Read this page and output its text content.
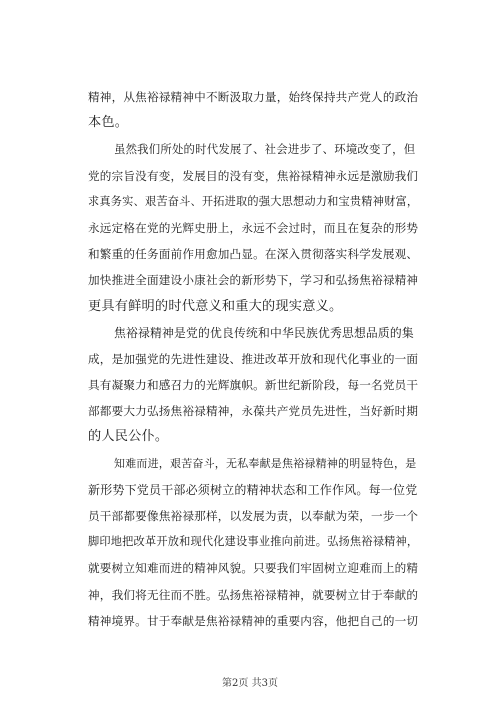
精神，从焦裕禄精神中不断汲取力量，始终保持共产党人的政治
本色。
虽然我们所处的时代发展了、社会进步了、环境改变了，但
党的宗旨没有变，发展目的没有变，焦裕禄精神永远是激励我们
求真务实、艰苦奋斗、开拓进取的强大思想动力和宝贵精神财富，
永远定格在党的光辉史册上，永远不会过时，而且在复杂的形势
和繁重的任务面前作用愈加凸显。在深入贯彻落实科学发展观、
加快推进全面建设小康社会的新形势下，学习和弘扬焦裕禄精神
更具有鲜明的时代意义和重大的现实意义。
焦裕禄精神是党的优良传统和中华民族优秀思想品质的集
成，是加强党的先进性建设、推进改革开放和现代化事业的一面
具有凝聚力和感召力的光辉旗帜。新世纪新阶段，每一名党员干
部都要大力弘扬焦裕禄精神，永葆共产党员先进性，当好新时期
的人民公仆。
知难而进，艰苦奋斗，无私奉献是焦裕禄精神的明显特色，是
新形势下党员干部必须树立的精神状态和工作作风。每一位党
员干部都要像焦裕禄那样，以发展为责，以奉献为荣，一步一个
脚印地把改革开放和现代化建设事业推向前进。弘扬焦裕禄精神，
就要树立知难而进的精神风貌。只要我们牢固树立迎难而上的精
神，我们将无往而不胜。弘扬焦裕禄精神，就要树立甘于奉献的
精神境界。甘于奉献是焦裕禄精神的重要内容，他把自己的一切
第2页 共3页
